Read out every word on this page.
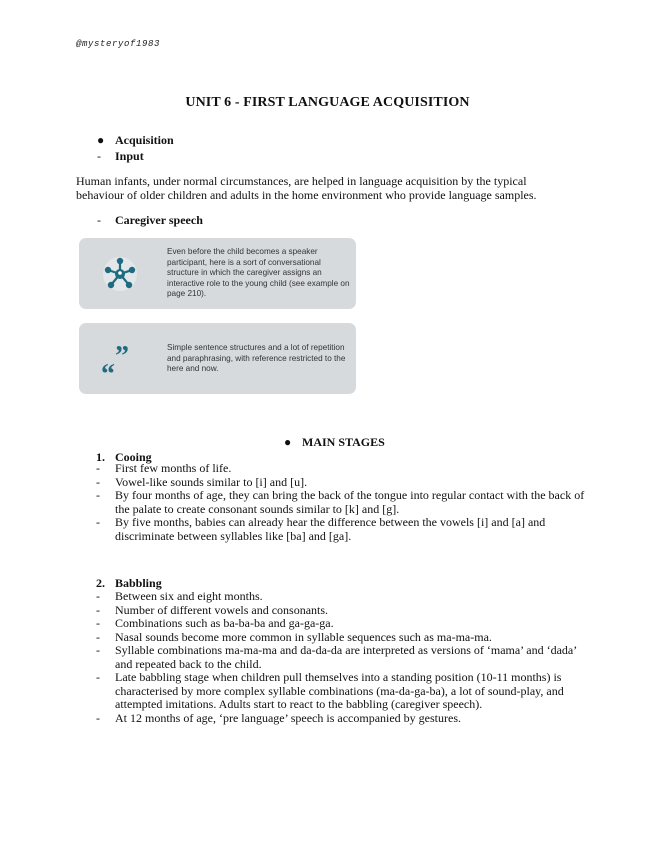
@mysteryof1983
UNIT 6 - FIRST LANGUAGE ACQUISITION
● Acquisition
- Input
Human infants, under normal circumstances, are helped in language acquisition by the typical behaviour of older children and adults in the home environment who provide language samples.
- Caregiver speech
Even before the child becomes a speaker participant, here is a sort of conversational structure in which the caregiver assigns an interactive role to the young child (see example on page 210).
”
“
Simple sentence structures and a lot of repetition and paraphrasing, with reference restricted to the here and now.
● MAIN STAGES
1. Cooing
- First few months of life.
- Vowel-like sounds similar to [i] and [u].
- By four months of age, they can bring the back of the tongue into regular contact with the back of the palate to create consonant sounds similar to [k] and [g].
- By five months, babies can already hear the difference between the vowels [i] and [a] and discriminate between syllables like [ba] and [ga].
2. Babbling
- Between six and eight months.
- Number of different vowels and consonants.
- Combinations such as ba-ba-ba and ga-ga-ga.
- Nasal sounds become more common in syllable sequences such as ma-ma-ma.
- Syllable combinations ma-ma-ma and da-da-da are interpreted as versions of ‘mama’ and ‘dada’ and repeated back to the child.
- Late babbling stage when children pull themselves into a standing position (10-11 months) is characterised by more complex syllable combinations (ma-da-ga-ba), a lot of sound-play, and attempted imitations. Adults start to react to the babbling (caregiver speech).
- At 12 months of age, ‘pre language’ speech is accompanied by gestures.
